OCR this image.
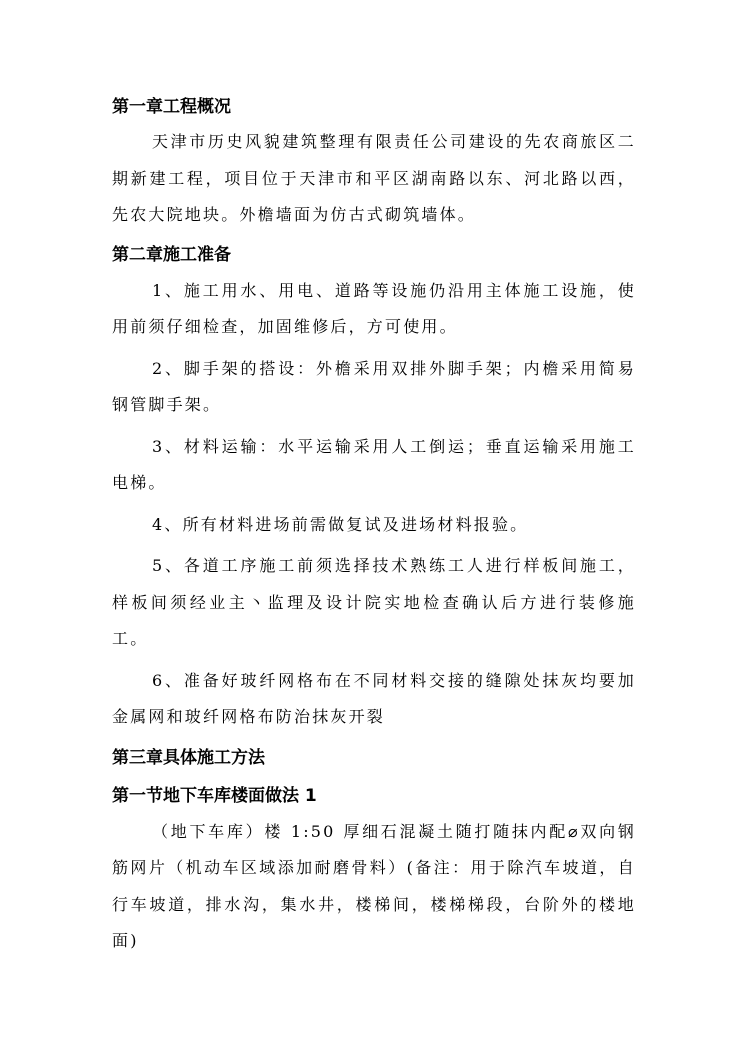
第一章工程概况

天津市历史风貌建筑整理有限责任公司建设的先农商旅区二期新建工程，项目位于天津市和平区湖南路以东、河北路以西，先农大院地块。外檐墙面为仿古式砌筑墙体。

第二章施工准备

1、施工用水、用电、道路等设施仍沿用主体施工设施，使用前须仔细检查，加固维修后，方可使用。

2、脚手架的搭设：外檐采用双排外脚手架；内檐采用简易钢管脚手架。

3、材料运输：水平运输采用人工倒运；垂直运输采用施工电梯。

4、所有材料进场前需做复试及进场材料报验。

5、各道工序施工前须选择技术熟练工人进行样板间施工，样板间须经业主丶监理及设计院实地检查确认后方进行装修施工。

6、准备好玻纤网格布在不同材料交接的缝隙处抹灰均要加金属网和玻纤网格布防治抹灰开裂

第三章具体施工方法
第一节地下车库楼面做法 1

（地下车库）楼 1:50 厚细石混凝土随打随抹内配⌀双向钢筋网片（机动车区域添加耐磨骨料）(备注：用于除汽车坡道，自行车坡道，排水沟，集水井，楼梯间，楼梯梯段，台阶外的楼地面)
